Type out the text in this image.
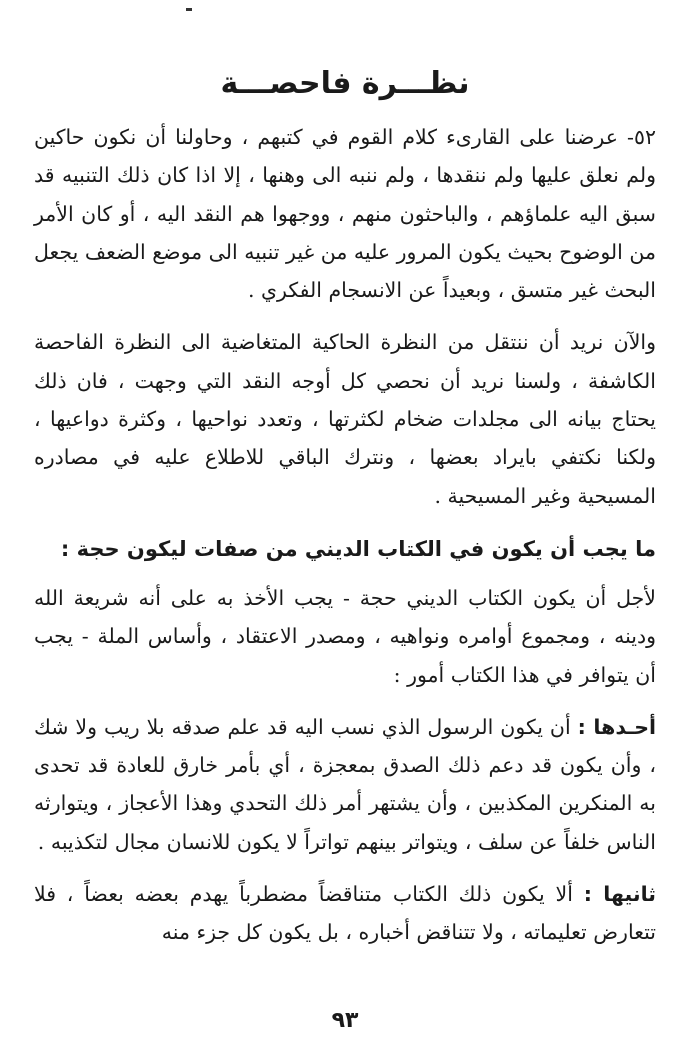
نظـــرة فاحصـــة

٥٢- عرضنا على القارىء كلام القوم في كتبهم ، وحاولنا أن نكون حاكين ولم نعلق عليها ولم ننقدها ، ولم ننبه الى وهنها ، إلا اذا كان ذلك التنبيه قد سبق اليه علماؤهم ، والباحثون منهم ، ووجهوا هم النقد اليه ، أو كان الأمر من الوضوح بحيث يكون المرور عليه من غير تنبيه الى موضع الضعف يجعل البحث غير متسق ، وبعيداً عن الانسجام الفكري .

والآن نريد أن ننتقل من النظرة الحاكية المتغاضية الى النظرة الفاحصة الكاشفة ، ولسنا نريد أن نحصي كل أوجه النقد التي وجهت ، فان ذلك يحتاج بيانه الى مجلدات ضخام لكثرتها ، وتعدد نواحيها ، وكثرة دواعيها ، ولكنا نكتفي بايراد بعضها ، ونترك الباقي للاطلاع عليه في مصادره المسيحية وغير المسيحية .

ما يجب أن يكون في الكتاب الديني من صفات ليكون حجة :

لأجل أن يكون الكتاب الديني حجة - يجب الأخذ به على أنه شريعة الله ودينه ، ومجموع أوامره ونواهيه ، ومصدر الاعتقاد ، وأساس الملة - يجب أن يتوافر في هذا الكتاب أمور :

أحـدها : أن يكون الرسول الذي نسب اليه قد علم صدقه بلا ريب ولا شك ، وأن يكون قد دعم ذلك الصدق بمعجزة ، أي بأمر خارق للعادة قد تحدى به المنكرين المكذبين ، وأن يشتهر أمر ذلك التحدي وهذا الأعجاز ، ويتوارثه الناس خلفاً عن سلف ، ويتواتر بينهم تواتراً لا يكون للانسان مجال لتكذيبه .

ثانيها : ألا يكون ذلك الكتاب متناقضاً مضطرباً يهدم بعضه بعضاً ، فلا تتعارض تعليماته ، ولا تتناقض أخباره ، بل يكون كل جزء منه

٩٣
